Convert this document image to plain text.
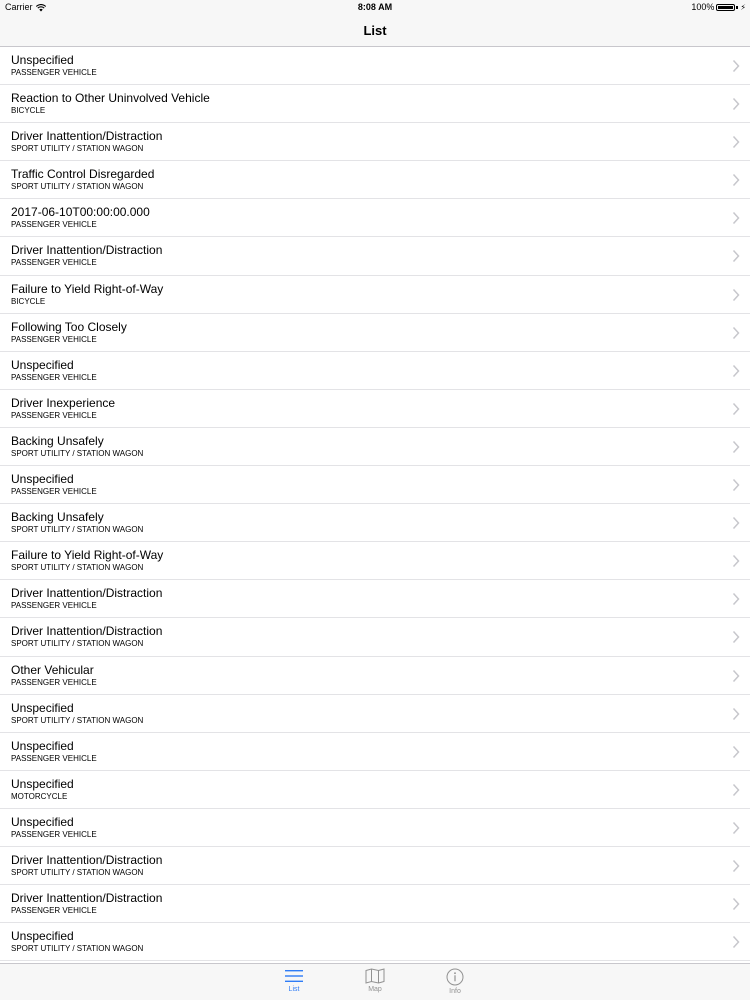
Carrier	8:08 AM	100%	⚡
List
Unspecified
PASSENGER VEHICLE
Reaction to Other Uninvolved Vehicle
BICYCLE
Driver Inattention/Distraction
SPORT UTILITY / STATION WAGON
Traffic Control Disregarded
SPORT UTILITY / STATION WAGON
2017-06-10T00:00:00.000
PASSENGER VEHICLE
Driver Inattention/Distraction
PASSENGER VEHICLE
Failure to Yield Right-of-Way
BICYCLE
Following Too Closely
PASSENGER VEHICLE
Unspecified
PASSENGER VEHICLE
Driver Inexperience
PASSENGER VEHICLE
Backing Unsafely
SPORT UTILITY / STATION WAGON
Unspecified
PASSENGER VEHICLE
Backing Unsafely
SPORT UTILITY / STATION WAGON
Failure to Yield Right-of-Way
SPORT UTILITY / STATION WAGON
Driver Inattention/Distraction
PASSENGER VEHICLE
Driver Inattention/Distraction
SPORT UTILITY / STATION WAGON
Other Vehicular
PASSENGER VEHICLE
Unspecified
SPORT UTILITY / STATION WAGON
Unspecified
PASSENGER VEHICLE
Unspecified
MOTORCYCLE
Unspecified
PASSENGER VEHICLE
Driver Inattention/Distraction
SPORT UTILITY / STATION WAGON
Driver Inattention/Distraction
PASSENGER VEHICLE
Unspecified
SPORT UTILITY / STATION WAGON
List	Map	Info
